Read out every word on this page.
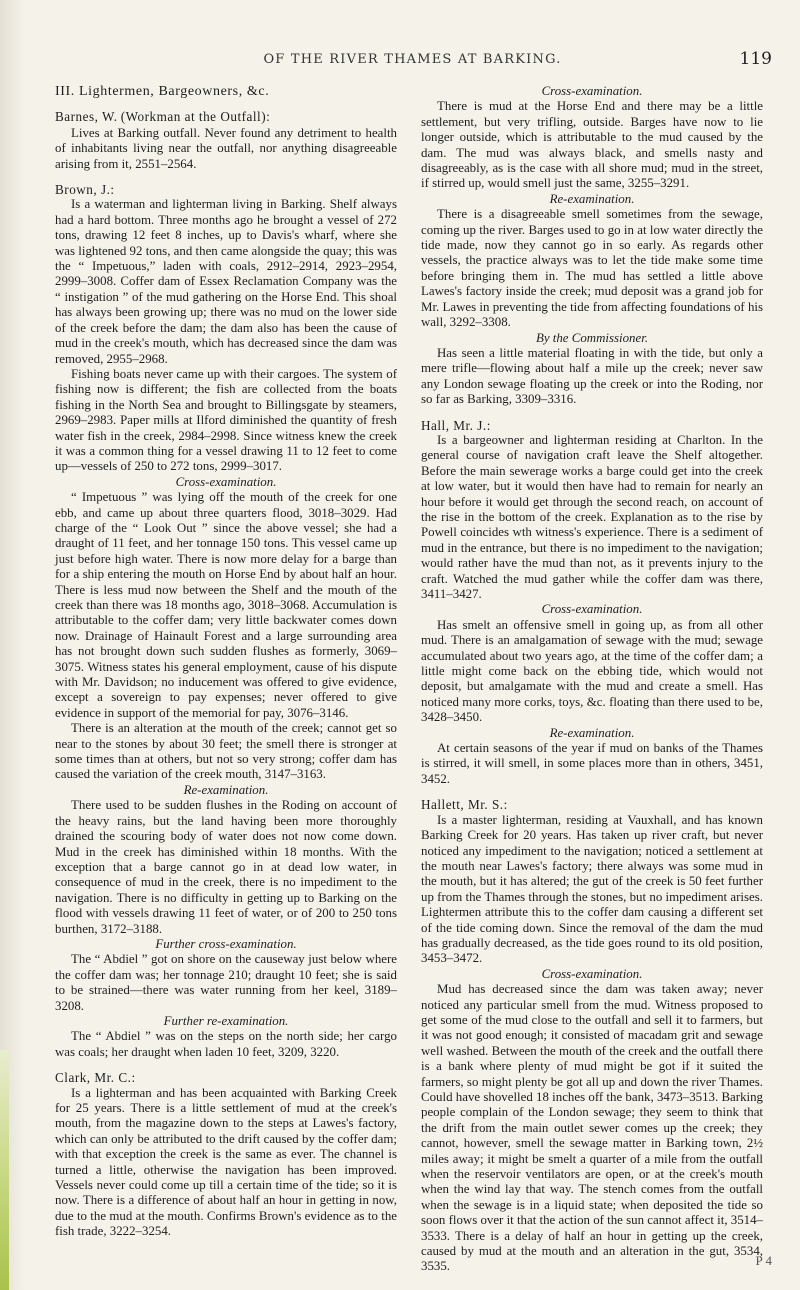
OF THE RIVER THAMES AT BARKING.	119
III. Lightermen, Bargeowners, &c.

Barnes, W. (Workman at the Outfall):

Lives at Barking outfall. Never found any detriment to health of inhabitants living near the outfall, nor anything disagreeable arising from it, 2551–2564.

Brown, J.:

Is a waterman and lighterman living in Barking. Shelf always had a hard bottom. Three months ago he brought a vessel of 272 tons, drawing 12 feet 8 inches, up to Davis's wharf, where she was lightened 92 tons, and then came alongside the quay; this was the “ Impetuous,” laden with coals, 2912–2914, 2923–2954, 2999–3008. Coffer dam of Essex Reclamation Company was the “ instigation ” of the mud gathering on the Horse End. This shoal has always been growing up; there was no mud on the lower side of the creek before the dam; the dam also has been the cause of mud in the creek's mouth, which has decreased since the dam was removed, 2955–2968.

Fishing boats never came up with their cargoes. The system of fishing now is different; the fish are collected from the boats fishing in the North Sea and brought to Billingsgate by steamers, 2969–2983. Paper mills at Ilford diminished the quantity of fresh water fish in the creek, 2984–2998. Since witness knew the creek it was a common thing for a vessel drawing 11 to 12 feet to come up—vessels of 250 to 272 tons, 2999–3017.

Cross-examination.

“ Impetuous ” was lying off the mouth of the creek for one ebb, and came up about three quarters flood, 3018–3029. Had charge of the “ Look Out ” since the above vessel; she had a draught of 11 feet, and her tonnage 150 tons. This vessel came up just before high water. There is now more delay for a barge than for a ship entering the mouth on Horse End by about half an hour. There is less mud now between the Shelf and the mouth of the creek than there was 18 months ago, 3018–3068. Accumulation is attributable to the coffer dam; very little backwater comes down now. Drainage of Hainault Forest and a large surrounding area has not brought down such sudden flushes as formerly, 3069–3075. Witness states his general employment, cause of his dispute with Mr. Davidson; no inducement was offered to give evidence, except a sovereign to pay expenses; never offered to give evidence in support of the memorial for pay, 3076–3146.

There is an alteration at the mouth of the creek; cannot get so near to the stones by about 30 feet; the smell there is stronger at some times than at others, but not so very strong; coffer dam has caused the variation of the creek mouth, 3147–3163.

Re-examination.

There used to be sudden flushes in the Roding on account of the heavy rains, but the land having been more thoroughly drained the scouring body of water does not now come down. Mud in the creek has diminished within 18 months. With the exception that a barge cannot go in at dead low water, in consequence of mud in the creek, there is no impediment to the navigation. There is no difficulty in getting up to Barking on the flood with vessels drawing 11 feet of water, or of 200 to 250 tons burthen, 3172–3188.

Further cross-examination.

The “ Abdiel ” got on shore on the causeway just below where the coffer dam was; her tonnage 210; draught 10 feet; she is said to be strained—there was water running from her keel, 3189–3208.

Further re-examination.

The “ Abdiel ” was on the steps on the north side; her cargo was coals; her draught when laden 10 feet, 3209, 3220.

Clark, Mr. C.:

Is a lighterman and has been acquainted with Barking Creek for 25 years. There is a little settlement of mud at the creek's mouth, from the magazine down to the steps at Lawes's factory, which can only be attributed to the drift caused by the coffer dam; with that exception the creek is the same as ever. The channel is turned a little, otherwise the navigation has been improved. Vessels never could come up till a certain time of the tide; so it is now. There is a difference of about half an hour in getting in now, due to the mud at the mouth. Confirms Brown's evidence as to the fish trade, 3222–3254.

Cross-examination.

There is mud at the Horse End and there may be a little settlement, but very trifling, outside. Barges have now to lie longer outside, which is attributable to the mud caused by the dam. The mud was always black, and smells nasty and disagreeably, as is the case with all shore mud; mud in the street, if stirred up, would smell just the same, 3255–3291.

Re-examination.

There is a disagreeable smell sometimes from the sewage, coming up the river. Barges used to go in at low water directly the tide made, now they cannot go in so early. As regards other vessels, the practice always was to let the tide make some time before bringing them in. The mud has settled a little above Lawes's factory inside the creek; mud deposit was a grand job for Mr. Lawes in preventing the tide from affecting foundations of his wall, 3292–3308.

By the Commissioner.

Has seen a little material floating in with the tide, but only a mere trifle—flowing about half a mile up the creek; never saw any London sewage floating up the creek or into the Roding, nor so far as Barking, 3309–3316.

Hall, Mr. J.:

Is a bargeowner and lighterman residing at Charlton. In the general course of navigation craft leave the Shelf altogether. Before the main sewerage works a barge could get into the creek at low water, but it would then have had to remain for nearly an hour before it would get through the second reach, on account of the rise in the bottom of the creek. Explanation as to the rise by Powell coincides wth witness's experience. There is a sediment of mud in the entrance, but there is no impediment to the navigation; would rather have the mud than not, as it prevents injury to the craft. Watched the mud gather while the coffer dam was there, 3411–3427.

Cross-examination.

Has smelt an offensive smell in going up, as from all other mud. There is an amalgamation of sewage with the mud; sewage accumulated about two years ago, at the time of the coffer dam; a little might come back on the ebbing tide, which would not deposit, but amalgamate with the mud and create a smell. Has noticed many more corks, toys, &c. floating than there used to be, 3428–3450.

Re-examination.

At certain seasons of the year if mud on banks of the Thames is stirred, it will smell, in some places more than in others, 3451, 3452.

Hallett, Mr. S.:

Is a master lighterman, residing at Vauxhall, and has known Barking Creek for 20 years. Has taken up river craft, but never noticed any impediment to the navigation; noticed a settlement at the mouth near Lawes's factory; there always was some mud in the mouth, but it has altered; the gut of the creek is 50 feet further up from the Thames through the stones, but no impediment arises. Lightermen attribute this to the coffer dam causing a different set of the tide coming down. Since the removal of the dam the mud has gradually decreased, as the tide goes round to its old position, 3453–3472.

Cross-examination.

Mud has decreased since the dam was taken away; never noticed any particular smell from the mud. Witness proposed to get some of the mud close to the outfall and sell it to farmers, but it was not good enough; it consisted of macadam grit and sewage well washed. Between the mouth of the creek and the outfall there is a bank where plenty of mud might be got if it suited the farmers, so might plenty be got all up and down the river Thames. Could have shovelled 18 inches off the bank, 3473–3513. Barking people complain of the London sewage; they seem to think that the drift from the main outlet sewer comes up the creek; they cannot, however, smell the sewage matter in Barking town, 2½ miles away; it might be smelt a quarter of a mile from the outfall when the reservoir ventilators are open, or at the creek's mouth when the wind lay that way. The stench comes from the outfall when the sewage is in a liquid state; when deposited the tide so soon flows over it that the action of the sun cannot affect it, 3514–3533. There is a delay of half an hour in getting up the creek, caused by mud at the mouth and an alteration in the gut, 3534, 3535.	P 4
